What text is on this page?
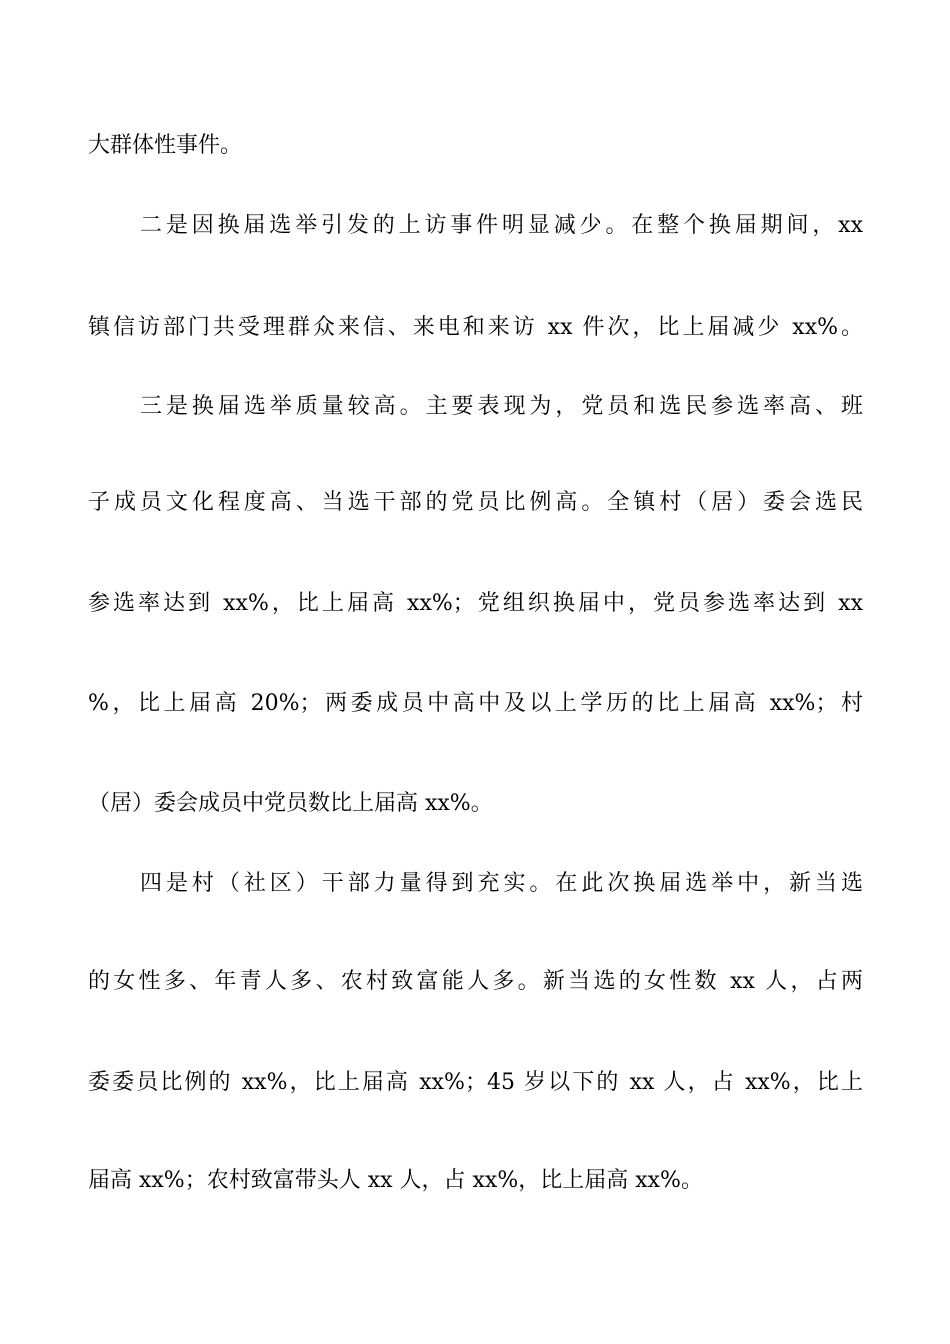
大群体性事件。
二是因换届选举引发的上访事件明显减少。在整个换届期间，xx
镇信访部门共受理群众来信、来电和来访 xx 件次，比上届减少 xx%。
三是换届选举质量较高。主要表现为，党员和选民参选率高、班
子成员文化程度高、当选干部的党员比例高。全镇村（居）委会选民
参选率达到 xx%，比上届高 xx%；党组织换届中，党员参选率达到 xx
%，比上届高 20%；两委成员中高中及以上学历的比上届高 xx%；村
（居）委会成员中党员数比上届高 xx%。
四是村（社区）干部力量得到充实。在此次换届选举中，新当选
的女性多、年青人多、农村致富能人多。新当选的女性数 xx 人，占两
委委员比例的 xx%，比上届高 xx%；45 岁以下的 xx 人，占 xx%，比上
届高 xx%；农村致富带头人 xx 人，占 xx%，比上届高 xx%。
